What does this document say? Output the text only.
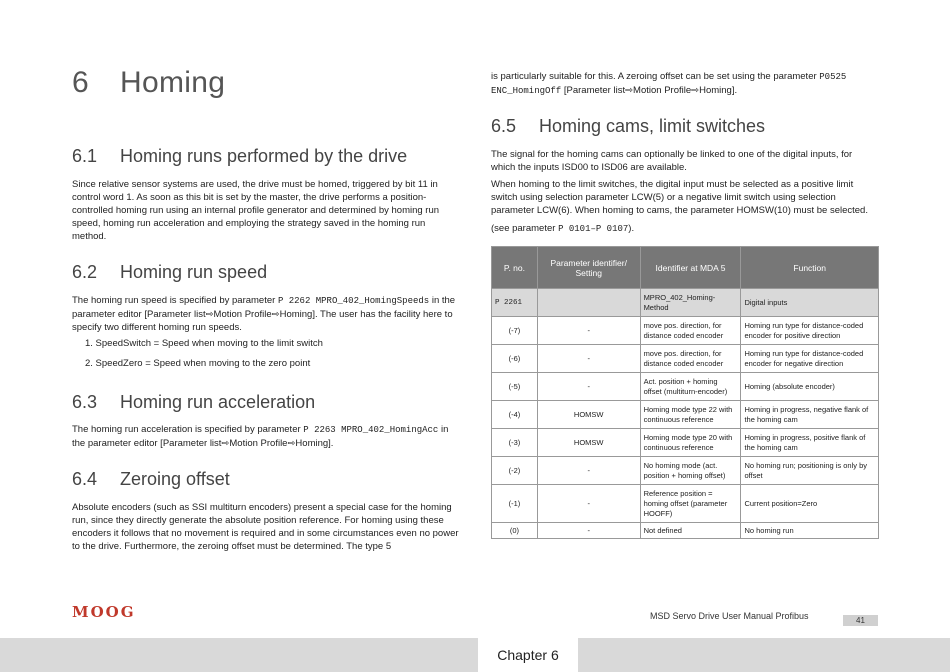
6 Homing
6.1 Homing runs performed by the drive

Since relative sensor systems are used, the drive must be homed, triggered by bit 11 in control word 1. As soon as this bit is set by the master, the drive performs a position-controlled homing run using an internal profile generator and determined by homing run speed, homing run acceleration and employing the strategy saved in the homing run method.

6.2 Homing run speed

The homing run speed is specified by parameter P 2262 MPRO_402_HomingSpeeds in the parameter editor [Parameter list⇨Motion Profile⇨Homing]. The user has the facility here to specify two different homing run speeds.

1. SpeedSwitch = Speed when moving to the limit switch
2. SpeedZero = Speed when moving to the zero point
6.3 Homing run acceleration

The homing run acceleration is specified by parameter P 2263 MPRO_402_HomingAcc in the parameter editor [Parameter list⇨Motion Profile⇨Homing].

6.4 Zeroing offset

Absolute encoders (such as SSI multiturn encoders) present a special case for the homing run, since they directly generate the absolute position reference. For homing using these encoders it follows that no movement is required and in some circumstances even no power to the drive. Furthermore, the zeroing offset must be determined. The type 5

is particularly suitable for this. A zeroing offset can be set using the parameter P0525
ENC_HomingOff [Parameter list⇨Motion Profile⇨Homing].

6.5 Homing cams, limit switches

The signal for the homing cams can optionally be linked to one of the digital inputs, for which the inputs ISD00 to ISD06 are available.

When homing to the limit switches, the digital input must be selected as a positive limit switch using selection parameter LCW(5) or a negative limit switch using selection parameter LCW(6). When homing to cams, the parameter HOMSW(10) must be selected.

(see parameter P 0101–P 0107).

P. no.	Parameter identifier/ Setting	Identifier at MDA 5	Function
P 2261		MPRO_402_Homing-Method	Digital inputs
(-7)	-	move pos. direction, for distance coded encoder	Homing run type for distance-coded encoder for positive direction
(-6)	-	move pos. direction, for distance coded encoder	Homing run type for distance-coded encoder for negative direction
(-5)	-	Act. position + homing offset (multiturn-encoder)	Homing (absolute encoder)
(-4)	HOMSW	Homing mode type 22 with continuous reference	Homing in progress, negative flank of the homing cam
(-3)	HOMSW	Homing mode type 20 with continuous reference	Homing in progress, positive flank of the homing cam
(-2)	-	No homing mode (act. position + homing offset)	No homing run; positioning is only by offset
(-1)	-	Reference position = homing offset (parameter HOOFF)	Current position=Zero
(0)	-	Not defined	No homing run
MOOG	MSD Servo Drive User Manual Profibus	41
Chapter 6
